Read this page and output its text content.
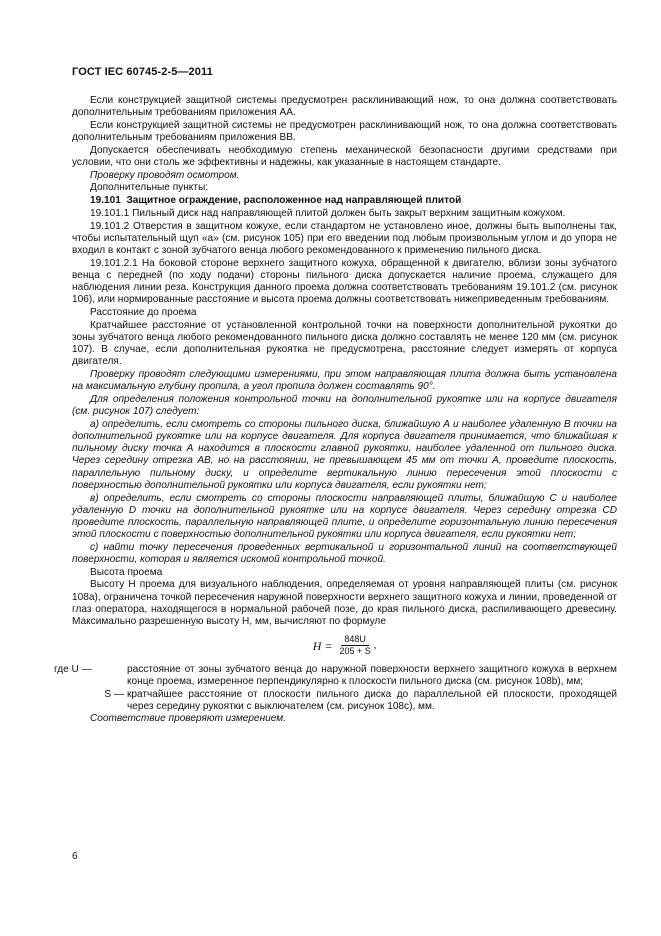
ГОСТ IEC 60745-2-5—2011

Если конструкцией защитной системы предусмотрен расклинивающий нож, то она должна соответствовать дополнительным требованиям приложения АА.

Если конструкцией защитной системы не предусмотрен расклинивающий нож, то она должна соответствовать дополнительным требованиям приложения ВВ.

Допускается обеспечивать необходимую степень механической безопасности другими средствами при условии, что они столь же эффективны и надежны, как указанные в настоящем стандарте.

Проверку проводят осмотром.

Дополнительные пункты:

19.101 Защитное ограждение, расположенное над направляющей плитой

19.101.1 Пильный диск над направляющей плитой должен быть закрыт верхним защитным кожухом.

19.101.2 Отверстия в защитном кожухе, если стандартом не установлено иное, должны быть выполнены так, чтобы испытательный щуп «а» (см. рисунок 105) при его введении под любым произвольным углом и до упора не входил в контакт с зоной зубчатого венца любого рекомендованного к применению пильного диска.

19.101.2.1 На боковой стороне верхнего защитного кожуха, обращенной к двигателю, вблизи зоны зубчатого венца с передней (по ходу подачи) стороны пильного диска допускается наличие проема, служащего для наблюдения линии реза. Конструкция данного проема должна соответствовать требованиям 19.101.2 (см. рисунок 106), или нормированные расстояние и высота проема должны соответствовать нижеприведенным требованиям.

Расстояние до проема

Кратчайшее расстояние от установленной контрольной точки на поверхности дополнительной рукоятки до зоны зубчатого венца любого рекомендованного пильного диска должно составлять не менее 120 мм (см. рисунок 107). В случае, если дополнительная рукоятка не предусмотрена, расстояние следует измерять от корпуса двигателя.

Проверку проводят следующими измерениями, при этом направляющая плита должна быть установлена на максимальную глубину пропила, а угол пропила должен составлять 90°.

Для определения положения контрольной точки на дополнительной рукоятке или на корпусе двигателя (см. рисунок 107) следует:

а) определить, если смотреть со стороны пильного диска, ближайшую А и наиболее удаленную В точки на дополнительной рукоятке или на корпусе двигателя. Для корпуса двигателя принимается, что ближайшая к пильному диску точка А находится в плоскости главной рукоятки, наиболее удаленной от пильного диска. Через середину отрезка АВ, но на расстоянии, не превышающем 45 мм от точки А, проведите плоскость, параллельную пильному диску, и определите вертикальную линию пересечения этой плоскости с поверхностью дополнительной рукоятки или корпуса двигателя, если рукоятки нет;

в) определить, если смотреть со стороны плоскости направляющей плиты, ближайшую С и наиболее удаленную D точки на дополнительной рукоятке или на корпусе двигателя. Через середину отрезка CD проведите плоскость, параллельную направляющей плите, и определите горизонтальную линию пересечения этой плоскости с поверхностью дополнительной рукоятки или корпуса двигателя, если рукоятки нет;

с) найти точку пересечения проведенных вертикальной и горизонтальной линий на соответствующей поверхности, которая и является искомой контрольной точкой.

Высота проема

Высоту Н проема для визуального наблюдения, определяемая от уровня направляющей плиты (см. рисунок 108а), ограничена точкой пересечения наружной поверхности верхнего защитного кожуха и линии, проведенной от глаз оператора, находящегося в нормальной рабочей позе, до края пильного диска, распиливающего древесину. Максимально разрешенную высоту Н, мм, вычисляют по формуле

$H = \frac{848U}{205 + S}$ ,
где U —	расстояние от зоны зубчатого венца до наружной поверхности верхнего защитного кожуха в верхнем конце проема, измеренное перпендикулярно к плоскости пильного диска (см. рисунок 108b), мм;
S — кратчайшее расстояние от плоскости пильного диска до параллельной ей плоскости, проходящей через середину рукоятки с выключателем (см. рисунок 108с), мм.

Соответствие проверяют измерением.

6
